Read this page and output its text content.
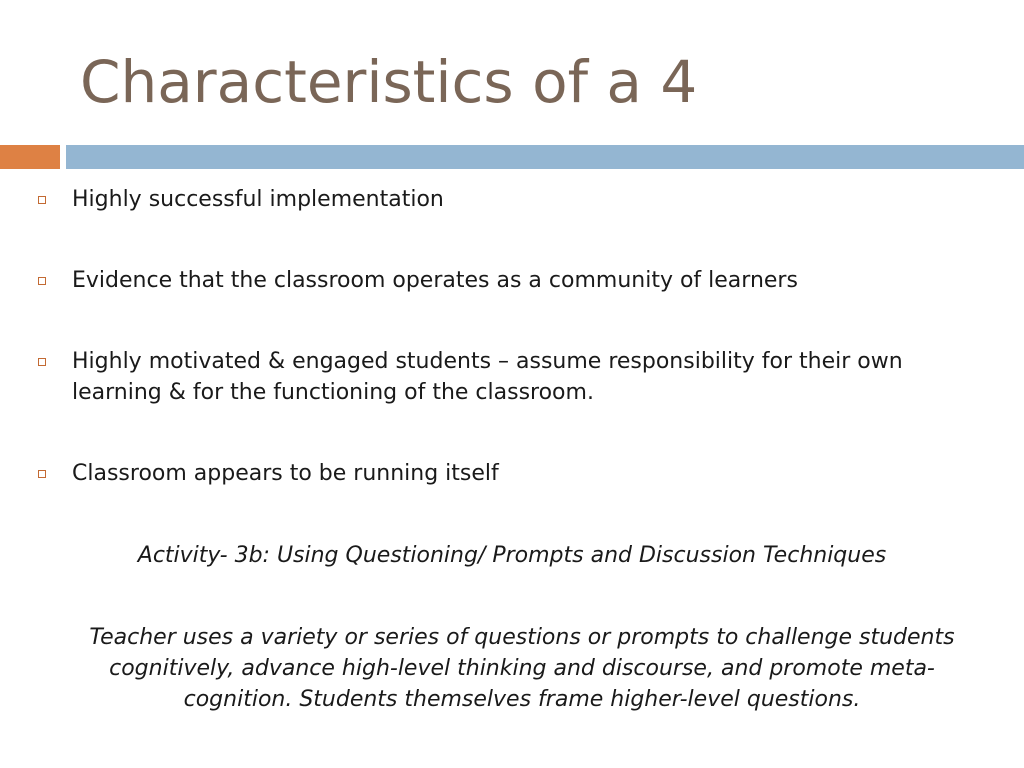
Characteristics of a 4
Highly successful implementation
Evidence that the classroom operates as a community of learners
Highly motivated & engaged students – assume responsibility for their own learning & for the functioning of the classroom.
Classroom appears to be running itself
Activity- 3b: Using Questioning/ Prompts and Discussion Techniques
Teacher uses a variety or series of questions or prompts to challenge students cognitively, advance high-level thinking and discourse, and promote meta-cognition. Students themselves frame higher-level questions.
